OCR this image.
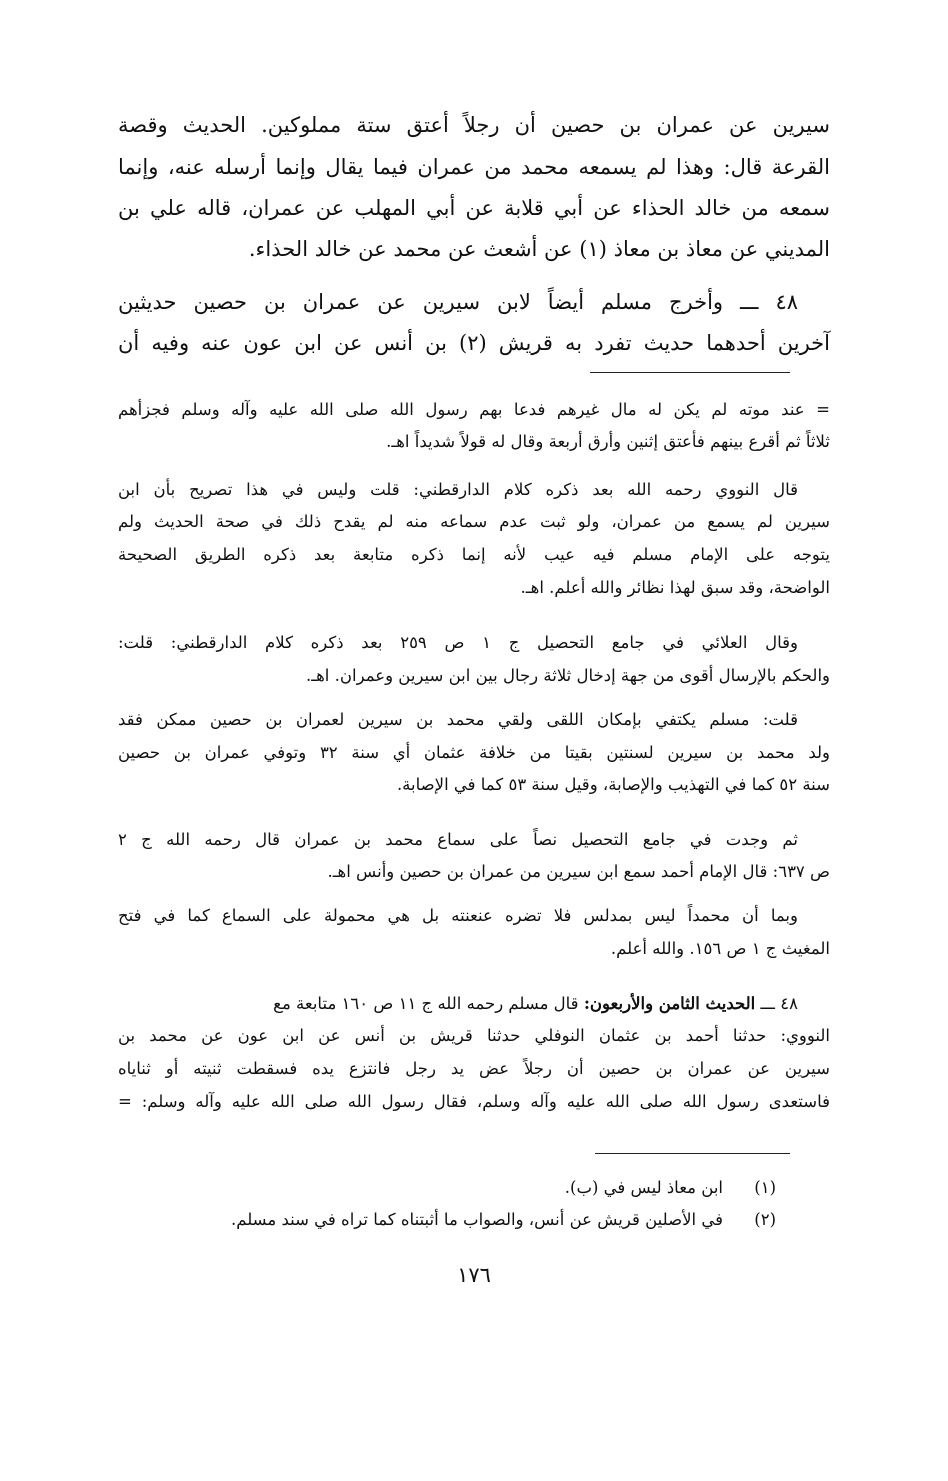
سيرين عن عمران بن حصين أن رجلاً أعتق ستة مملوكين. الحديث وقصة
القرعة قال: وهذا لم يسمعه محمد من عمران فيما يقال وإنما أرسله عنه، وإنما
سمعه من خالد الحذاء عن أبي قلابة عن أبي المهلب عن عمران، قاله علي بن
المديني عن معاذ بن معاذ (١) عن أشعث عن محمد عن خالد الحذاء.
٤٨ ـــ وأخرج مسلم أيضاً لابن سيرين عن عمران بن حصين حديثين
آخرين أحدهما حديث تفرد به قريش (٢) بن أنس عن ابن عون عنه وفيه أن
= عند موته لم يكن له مال غيرهم فدعا بهم رسول الله صلى الله عليه وآله وسلم فجزأهم
ثلاثاً ثم أقرع بينهم فأعتق إثنين وأرق أربعة وقال له قولاً شديداً اهـ.
قال النووي رحمه الله بعد ذكره كلام الدارقطني: قلت وليس في هذا تصريح بأن ابن
سيرين لم يسمع من عمران، ولو ثبت عدم سماعه منه لم يقدح ذلك في صحة الحديث ولم
يتوجه على الإمام مسلم فيه عيب لأنه إنما ذكره متابعة بعد ذكره الطريق الصحيحة
الواضحة، وقد سبق لهذا نظائر والله أعلم. اهـ.
وقال العلائي في جامع التحصيل ج ١ ص ٢٥٩ بعد ذكره كلام الدارقطني: قلت:
والحكم بالإرسال أقوى من جهة إدخال ثلاثة رجال بين ابن سيرين وعمران. اهـ.
قلت: مسلم يكتفي بإمكان اللقى ولقي محمد بن سيرين لعمران بن حصين ممكن فقد
ولد محمد بن سيرين لسنتين بقيتا من خلافة عثمان أي سنة ٣٢ وتوفي عمران بن حصين
سنة ٥٢ كما في التهذيب والإصابة، وقيل سنة ٥٣ كما في الإصابة.
ثم وجدت في جامع التحصيل نصاً على سماع محمد بن عمران قال رحمه الله ج ٢
ص ٦٣٧: قال الإمام أحمد سمع ابن سيرين من عمران بن حصين وأنس اهـ.
وبما أن محمداً ليس بمدلس فلا تضره عنعنته بل هي محمولة على السماع كما في فتح
المغيث ج ١ ص ١٥٦. والله أعلم.
٤٨ ـــ الحديث الثامن والأربعون: قال مسلم رحمه الله ج ١١ ص ١٦٠ متابعة مع
النووي: حدثنا أحمد بن عثمان النوفلي حدثنا قريش بن أنس عن ابن عون عن محمد بن
سيرين عن عمران بن حصين أن رجلاً عض يد رجل فانتزع يده فسقطت ثنيته أو ثناياه
فاستعدى رسول الله صلى الله عليه وآله وسلم، فقال رسول الله صلى الله عليه وآله وسلم: =
(١)
ابن معاذ ليس في (ب).
(٢)
في الأصلين قريش عن أنس، والصواب ما أثبتناه كما تراه في سند مسلم.
١٧٦
